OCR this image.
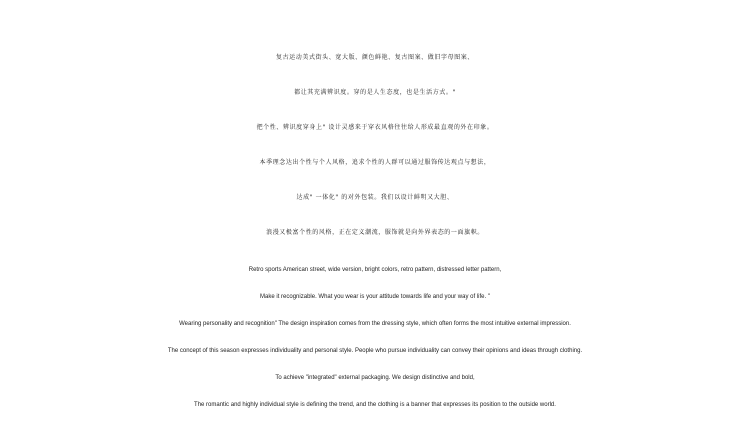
复古运动美式街头、宽大版、颜色鲜艳、复古图案、做旧字母图案、
都让其充满辨识度。穿的是人生态度，也是生活方式。"
把个性、辨识度穿身上" 设计灵感来于穿衣风格往往给人形成最直观的外在印象。
本季理念达出个性与个人风格，追求个性的人群可以通过服饰传达观点与想法，
达成" 一体化" 的对外包装。我们以设计鲜明又大胆、
浪漫又极富个性的风格，正在定义潮流，服饰就是向外界表态的一面旗帜。
Retro sports American street, wide version, bright colors, retro pattern, distressed letter pattern,
Make it recognizable. What you wear is your attitude towards life and your way of life. "
Wearing personality and recognition" The design inspiration comes from the dressing style, which often forms the most intuitive external impression.
The concept of this season expresses individuality and personal style. People who pursue individuality can convey their opinions and ideas through clothing.
To achieve "integrated" external packaging. We design distinctive and bold,
The romantic and highly individual style is defining the trend, and the clothing is a banner that expresses its position to the outside world.
